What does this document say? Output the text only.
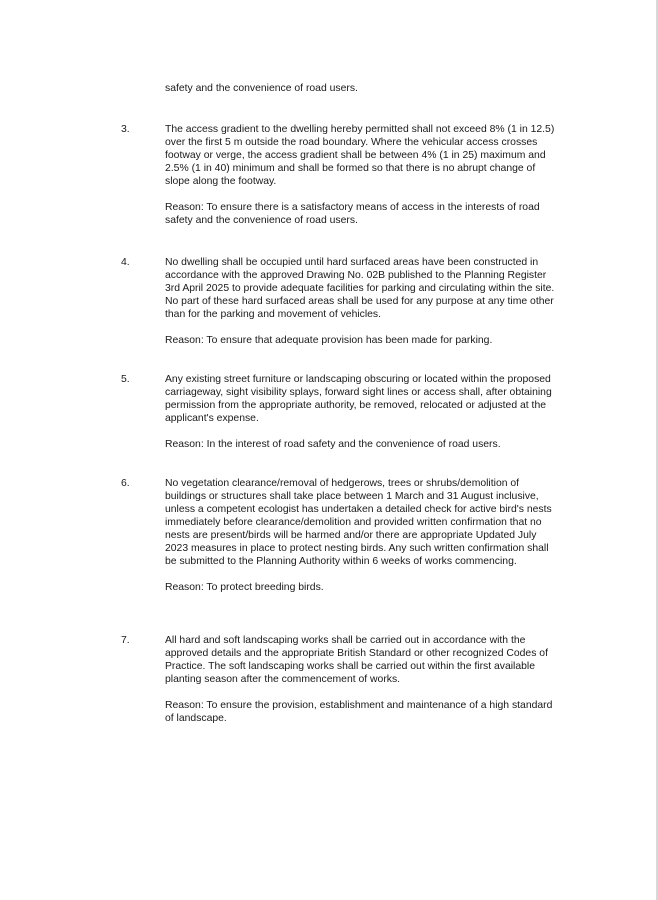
safety and the convenience of road users.

3.	The access gradient to the dwelling hereby permitted shall not exceed 8% (1 in 12.5) over the first 5 m outside the road boundary. Where the vehicular access crosses footway or verge, the access gradient shall be between 4% (1 in 25) maximum and 2.5% (1 in 40) minimum and shall be formed so that there is no abrupt change of slope along the footway.

Reason: To ensure there is a satisfactory means of access in the interests of road safety and the convenience of road users.

4.	No dwelling shall be occupied until hard surfaced areas have been constructed in accordance with the approved Drawing No. 02B published to the Planning Register 3rd April 2025 to provide adequate facilities for parking and circulating within the site. No part of these hard surfaced areas shall be used for any purpose at any time other than for the parking and movement of vehicles.

Reason: To ensure that adequate provision has been made for parking.

5.	Any existing street furniture or landscaping obscuring or located within the proposed carriageway, sight visibility splays, forward sight lines or access shall, after obtaining permission from the appropriate authority, be removed, relocated or adjusted at the applicant's expense.

Reason: In the interest of road safety and the convenience of road users.

6.	No vegetation clearance/removal of hedgerows, trees or shrubs/demolition of buildings or structures shall take place between 1 March and 31 August inclusive, unless a competent ecologist has undertaken a detailed check for active bird's nests immediately before clearance/demolition and provided written confirmation that no nests are present/birds will be harmed and/or there are appropriate Updated July 2023 measures in place to protect nesting birds. Any such written confirmation shall be submitted to the Planning Authority within 6 weeks of works commencing.

Reason: To protect breeding birds.

7.	All hard and soft landscaping works shall be carried out in accordance with the approved details and the appropriate British Standard or other recognized Codes of Practice. The soft landscaping works shall be carried out within the first available planting season after the commencement of works.

Reason: To ensure the provision, establishment and maintenance of a high standard of landscape.
